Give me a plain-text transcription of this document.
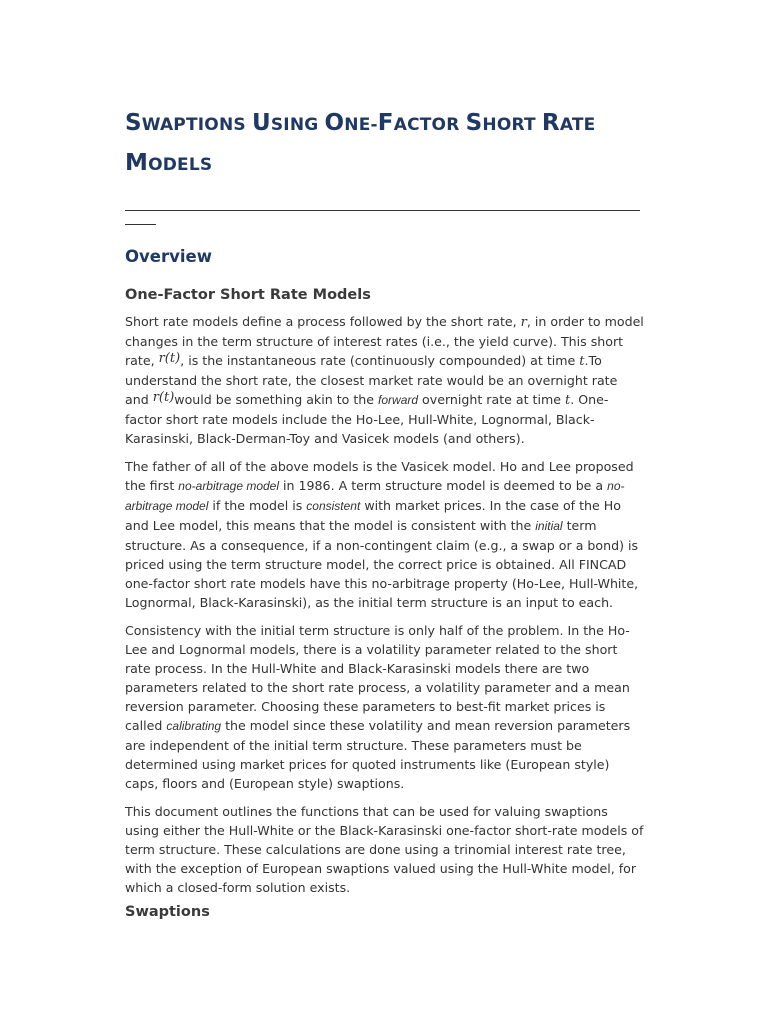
SWAPTIONS USING ONE-FACTOR SHORT RATE
MODELS
Overview
One-Factor Short Rate Models

Short rate models define a process followed by the short rate, r, in order to model changes in the term structure of interest rates (i.e., the yield curve). This short rate, r(t), is the instantaneous rate (continuously compounded) at time t.To understand the short rate, the closest market rate would be an overnight rate and r(t)would be something akin to the forward overnight rate at time t. One-factor short rate models include the Ho-Lee, Hull-White, Lognormal, Black-Karasinski, Black-Derman-Toy and Vasicek models (and others).

The father of all of the above models is the Vasicek model. Ho and Lee proposed the first no-arbitrage model in 1986. A term structure model is deemed to be a no-arbitrage model if the model is consistent with market prices. In the case of the Ho and Lee model, this means that the model is consistent with the initial term structure. As a consequence, if a non-contingent claim (e.g., a swap or a bond) is priced using the term structure model, the correct price is obtained. All FINCAD one-factor short rate models have this no-arbitrage property (Ho-Lee, Hull-White, Lognormal, Black-Karasinski), as the initial term structure is an input to each.

Consistency with the initial term structure is only half of the problem. In the Ho-Lee and Lognormal models, there is a volatility parameter related to the short rate process. In the Hull-White and Black-Karasinski models there are two parameters related to the short rate process, a volatility parameter and a mean reversion parameter. Choosing these parameters to best-fit market prices is called calibrating the model since these volatility and mean reversion parameters are independent of the initial term structure. These parameters must be determined using market prices for quoted instruments like (European style) caps, floors and (European style) swaptions.

This document outlines the functions that can be used for valuing swaptions using either the Hull-White or the Black-Karasinski one-factor short-rate models of term structure. These calculations are done using a trinomial interest rate tree, with the exception of European swaptions valued using the Hull-White model, for which a closed-form solution exists.

Swaptions
